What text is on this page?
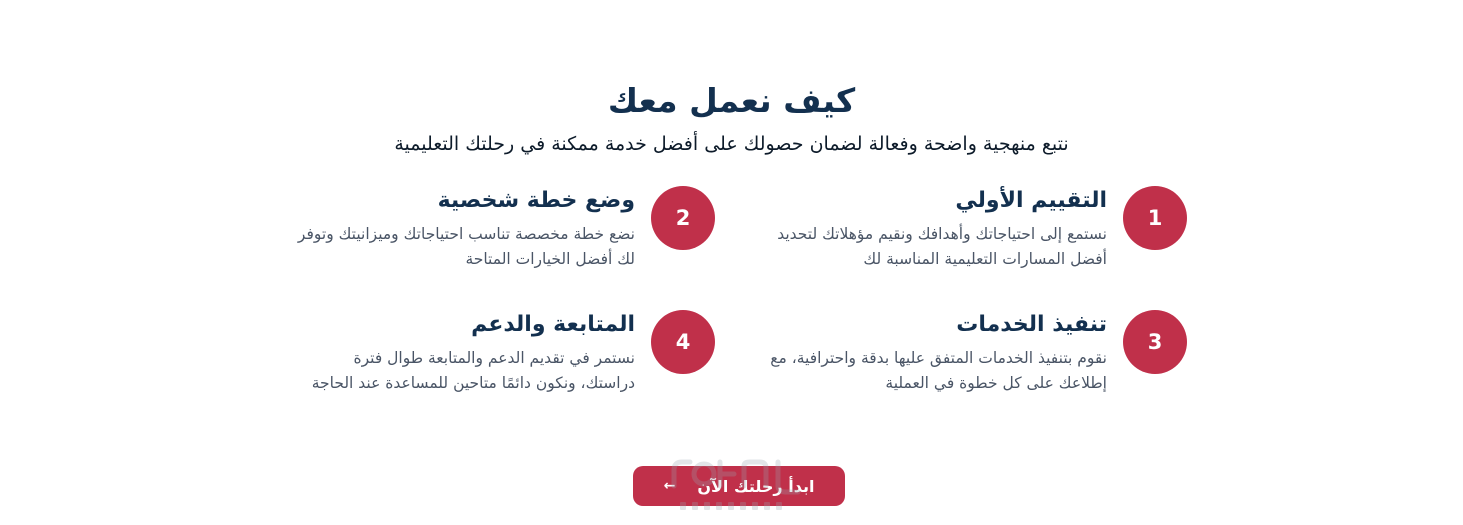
كيف نعمل معك

نتبع منهجية واضحة وفعالة لضمان حصولك على أفضل خدمة ممكنة في رحلتك التعليمية

1
التقييم الأولي
نستمع إلى احتياجاتك وأهدافك ونقيم مؤهلاتك لتحديد أفضل المسارات التعليمية المناسبة لك
2
وضع خطة شخصية
نضع خطة مخصصة تناسب احتياجاتك وميزانيتك وتوفر لك أفضل الخيارات المتاحة
3
تنفيذ الخدمات
نقوم بتنفيذ الخدمات المتفق عليها بدقة واحترافية، مع إطلاعك على كل خطوة في العملية
4
المتابعة والدعم
نستمر في تقديم الدعم والمتابعة طوال فترة دراستك، ونكون دائمًا متاحين للمساعدة عند الحاجة
ابدأ رحلتك الآن
←
